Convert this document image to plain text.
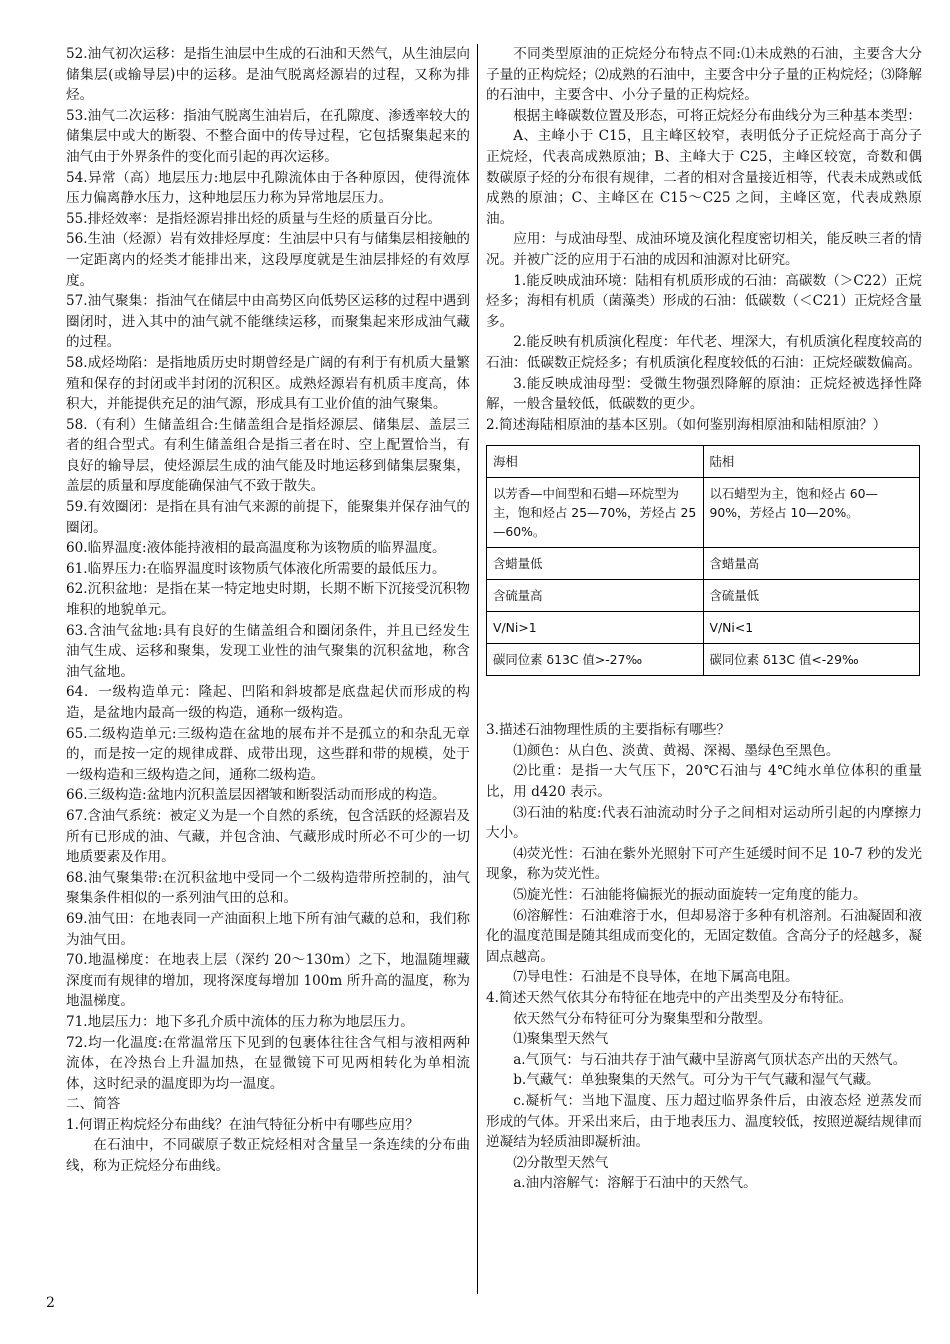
52.油气初次运移：是指生油层中生成的石油和天然气，从生油层向储集层(或输导层)中的运移。是油气脱离烃源岩的过程，又称为排烃。

53.油气二次运移：指油气脱离生油岩后，在孔隙度、渗透率较大的储集层中或大的断裂、不整合面中的传导过程，它包括聚集起来的油气由于外界条件的变化而引起的再次运移。

54.异常（高）地层压力:地层中孔隙流体由于各种原因，使得流体压力偏离静水压力，这种地层压力称为异常地层压力。

55.排烃效率：是指烃源岩排出烃的质量与生烃的质量百分比。

56.生油（烃源）岩有效排烃厚度：生油层中只有与储集层相接触的一定距离内的烃类才能排出来，这段厚度就是生油层排烃的有效厚度。

57.油气聚集：指油气在储层中由高势区向低势区运移的过程中遇到圈闭时，进入其中的油气就不能继续运移，而聚集起来形成油气藏的过程。

58.成烃坳陷：是指地质历史时期曾经是广阔的有利于有机质大量繁殖和保存的封闭或半封闭的沉积区。成熟烃源岩有机质丰度高，体积大，并能提供充足的油气源，形成具有工业价值的油气聚集。

58.（有利）生储盖组合:生储盖组合是指烃源层、储集层、盖层三者的组合型式。有利生储盖组合是指三者在时、空上配置恰当，有良好的输导层，使烃源层生成的油气能及时地运移到储集层聚集，盖层的质量和厚度能确保油气不致于散失。

59.有效圈闭：是指在具有油气来源的前提下，能聚集并保存油气的圈闭。

60.临界温度:液体能持液相的最高温度称为该物质的临界温度。

61.临界压力:在临界温度时该物质气体液化所需要的最低压力。

62.沉积盆地：是指在某一特定地史时期，长期不断下沉接受沉积物堆积的地貌单元。

63.含油气盆地:具有良好的生储盖组合和圈闭条件，并且已经发生油气生成、运移和聚集，发现工业性的油气聚集的沉积盆地，称含油气盆地。

64．一级构造单元：隆起、凹陷和斜坡都是底盘起伏而形成的构造，是盆地内最高一级的构造，通称一级构造。

65.二级构造单元:三级构造在盆地的展布并不是孤立的和杂乱无章的，而是按一定的规律成群、成带出现，这些群和带的规模，处于一级构造和三级构造之间，通称二级构造。

66.三级构造:盆地内沉积盖层因褶皱和断裂活动而形成的构造。

67.含油气系统：被定义为是一个自然的系统，包含活跃的烃源岩及所有已形成的油、气藏，并包含油、气藏形成时所必不可少的一切地质要素及作用。

68.油气聚集带:在沉积盆地中受同一个二级构造带所控制的，油气聚集条件相似的一系列油气田的总和。

69.油气田：在地表同一产油面积上地下所有油气藏的总和，我们称为油气田。

70.地温梯度：在地表上层（深约 20～130m）之下，地温随埋藏深度而有规律的增加，现将深度每增加 100m 所升高的温度，称为地温梯度。

71.地层压力：地下多孔介质中流体的压力称为地层压力。

72.均一化温度:在常温常压下见到的包裹体往往含气相与液相两种流体，在冷热台上升温加热，在显微镜下可见两相转化为单相流体，这时纪录的温度即为均一温度。

二、简答

1.何谓正构烷烃分布曲线？在油气特征分析中有哪些应用？

在石油中，不同碳原子数正烷烃相对含量呈一条连续的分布曲线，称为正烷烃分布曲线。

不同类型原油的正烷烃分布特点不同:⑴未成熟的石油，主要含大分子量的正构烷烃；⑵成熟的石油中，主要含中分子量的正构烷烃；⑶降解的石油中，主要含中、小分子量的正构烷烃。

根据主峰碳数位置及形态，可将正烷烃分布曲线分为三种基本类型：

A、主峰小于 C15，且主峰区较窄，表明低分子正烷烃高于高分子正烷烃，代表高成熟原油；B、主峰大于 C25，主峰区较宽，奇数和偶数碳原子烃的分布很有规律，二者的相对含量接近相等，代表未成熟或低成熟的原油；C、主峰区在 C15～C25 之间，主峰区宽，代表成熟原油。

应用：与成油母型、成油环境及演化程度密切相关，能反映三者的情况。并被广泛的应用于石油的成因和油源对比研究。

1.能反映成油环境：陆相有机质形成的石油：高碳数（＞C22）正烷烃多；海相有机质（菌藻类）形成的石油：低碳数（＜C21）正烷烃含量多。

2.能反映有机质演化程度：年代老、埋深大，有机质演化程度较高的石油：低碳数正烷烃多；有机质演化程度较低的石油：正烷烃碳数偏高。

3.能反映成油母型：受微生物强烈降解的原油：正烷烃被选择性降解，一般含量较低，低碳数的更少。

2.简述海陆相原油的基本区别。（如何鉴别海相原油和陆相原油？）

海相	陆相
以芳香—中间型和石蜡—环烷型为主，饱和烃占 25—70%，芳烃占 25—60%。	以石蜡型为主，饱和烃占 60—90%，芳烃占 10—20%。
含蜡量低	含蜡量高
含硫量高	含硫量低
V/Ni>1	V/Ni<1
碳同位素 δ13C 值>-27‰	碳同位素 δ13C 值<-29‰

3.描述石油物理性质的主要指标有哪些？

⑴颜色：从白色、淡黄、黄褐、深褐、墨绿色至黑色。

⑵比重：是指一大气压下，20℃石油与 4℃纯水单位体积的重量比，用 d420 表示。

⑶石油的粘度:代表石油流动时分子之间相对运动所引起的内摩擦力大小。

⑷荧光性：石油在紫外光照射下可产生延缓时间不足 10-7 秒的发光现象，称为荧光性。

⑸旋光性：石油能将偏振光的振动面旋转一定角度的能力。

⑹溶解性：石油难溶于水，但却易溶于多种有机溶剂。石油凝固和液化的温度范围是随其组成而变化的，无固定数值。含高分子的烃越多，凝固点越高。

⑺导电性：石油是不良导体，在地下属高电阻。

4.简述天然气依其分布特征在地壳中的产出类型及分布特征。

依天然气分布特征可分为聚集型和分散型。

⑴聚集型天然气

a.气顶气：与石油共存于油气藏中呈游离气顶状态产出的天然气。

b.气藏气：单独聚集的天然气。可分为干气气藏和湿气气藏。

c.凝析气：当地下温度、压力超过临界条件后，由液态烃 逆蒸发而形成的气体。开采出来后，由于地表压力、温度较低，按照逆凝结规律而逆凝结为轻质油即凝析油。

⑵分散型天然气

a.油内溶解气：溶解于石油中的天然气。

2
